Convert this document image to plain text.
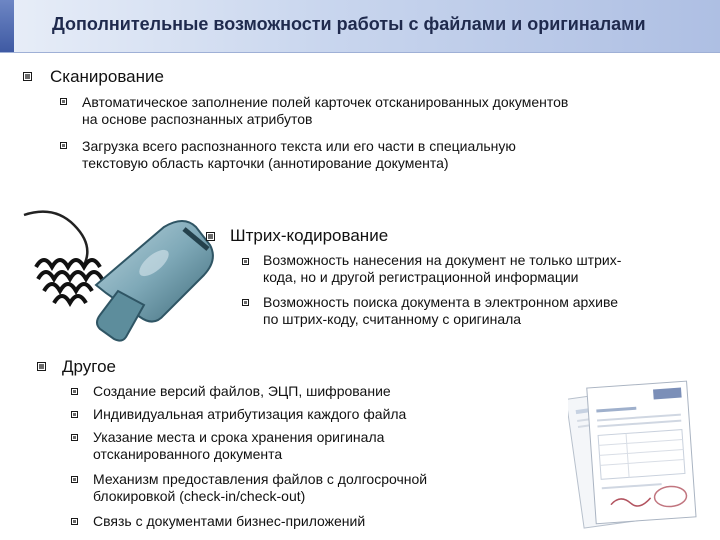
Дополнительные возможности работы с файлами и оригиналами
Сканирование
Автоматическое заполнение полей карточек отсканированных документов
на основе распознанных атрибутов
Загрузка всего распознанного текста или его части в специальную
текстовую область карточки (аннотирование документа)
Штрих-кодирование
Возможность нанесения на документ не только штрих-
кода, но и другой регистрационной информации
Возможность поиска документа в электронном архиве
по штрих-коду, считанному с оригинала
Другое
Создание версий файлов, ЭЦП, шифрование
Индивидуальная атрибутизация каждого файла
Указание места и срока хранения оригинала
отсканированного документа
Механизм предоставления файлов с долгосрочной
блокировкой (check-in/check-out)
Связь с документами бизнес-приложений
